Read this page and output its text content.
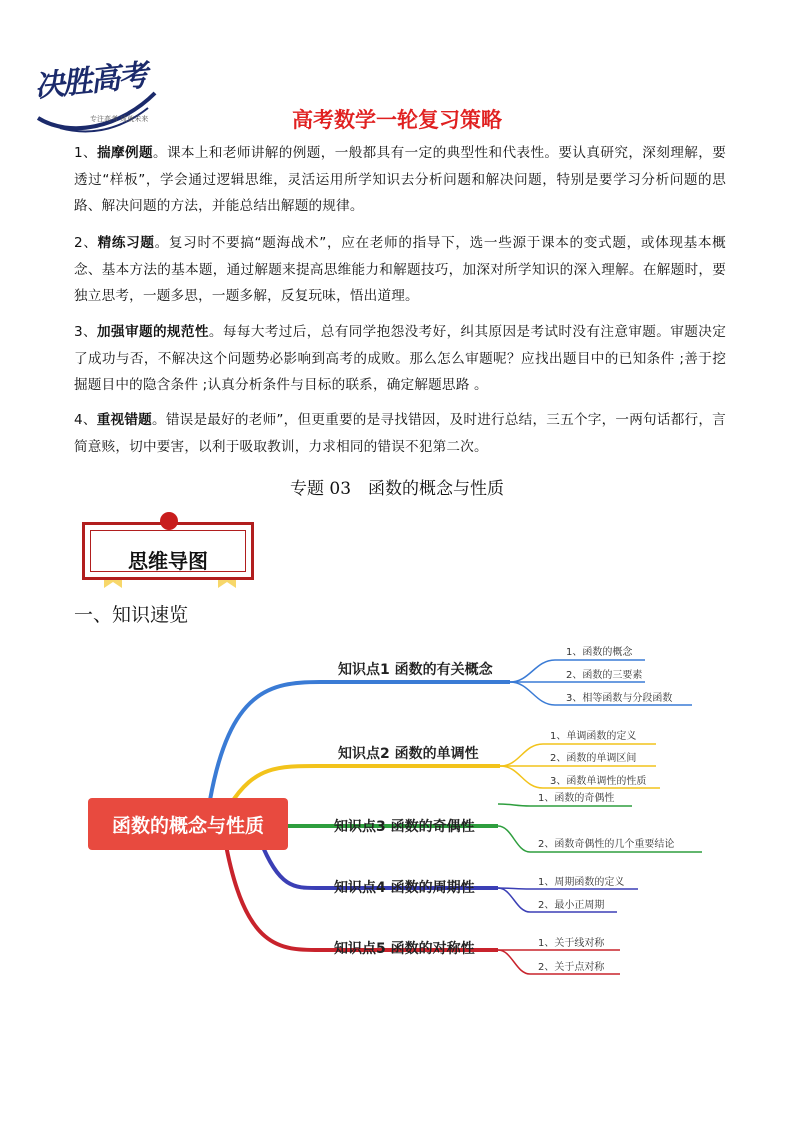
决胜高考
专注高考 成就未来	高考数学一轮复习策略
1、揣摩例题。课本上和老师讲解的例题，一般都具有一定的典型性和代表性。要认真研究，深刻理解，要透过“样板”，学会通过逻辑思维，灵活运用所学知识去分析问题和解决问题，特别是要学习分析问题的思路、解决问题的方法，并能总结出解题的规律。
2、精练习题。复习时不要搞“题海战术”，应在老师的指导下，选一些源于课本的变式题，或体现基本概念、基本方法的基本题，通过解题来提高思维能力和解题技巧，加深对所学知识的深入理解。在解题时，要独立思考，一题多思，一题多解，反复玩味，悟出道理。
3、加强审题的规范性。每每大考过后，总有同学抱怨没考好，纠其原因是考试时没有注意审题。审题决定了成功与否，不解决这个问题势必影响到高考的成败。那么怎么审题呢？应找出题目中的已知条件 ;善于挖掘题目中的隐含条件 ;认真分析条件与目标的联系，确定解题思路 。
4、重视错题。错误是最好的老师”，但更重要的是寻找错因，及时进行总结，三五个字，一两句话都行，言简意赅，切中要害，以利于吸取教训，力求相同的错误不犯第二次。
专题 03　函数的概念与性质
思维导图
一、知识速览
函数的概念与性质
知识点1 函数的有关概念
知识点2 函数的单调性
知识点3 函数的奇偶性
知识点4 函数的周期性
知识点5 函数的对称性
1、函数的概念
2、函数的三要素
3、相等函数与分段函数
1、单调函数的定义
2、函数的单调区间
3、函数单调性的性质
1、函数的奇偶性
2、函数奇偶性的几个重要结论
1、周期函数的定义
2、最小正周期
1、关于线对称
2、关于点对称
